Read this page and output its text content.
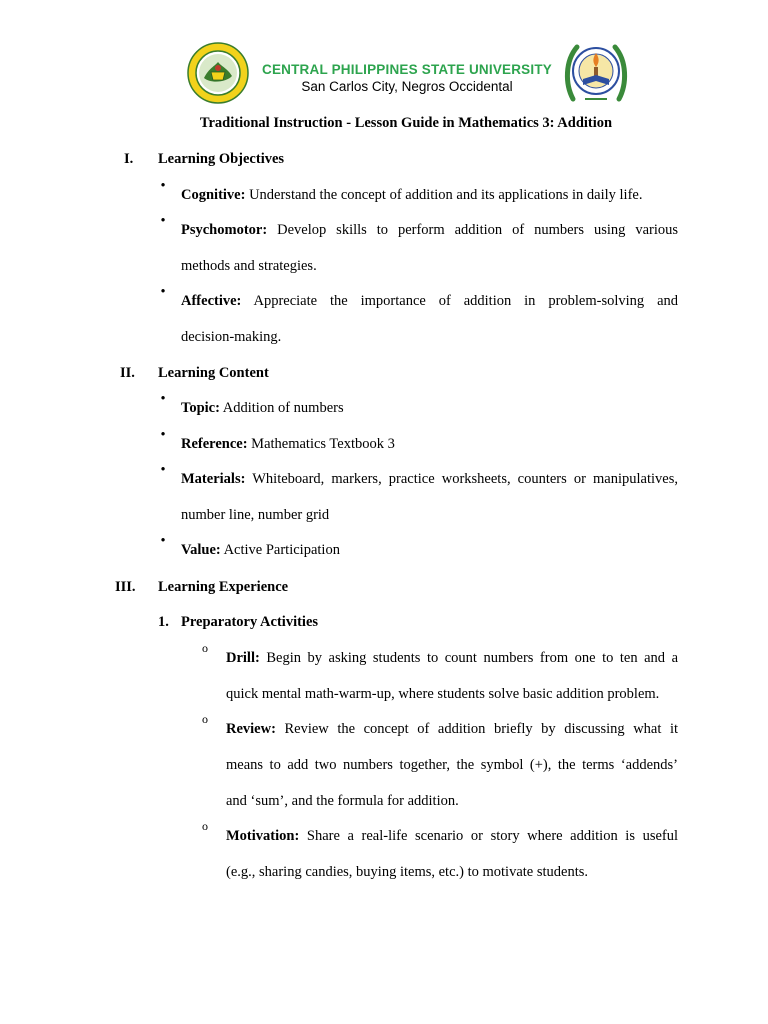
CENTRAL PHILIPPINES STATE UNIVERSITY
San Carlos City, Negros Occidental
Traditional Instruction - Lesson Guide in Mathematics 3: Addition
I. Learning Objectives
•
Cognitive: Understand the concept of addition and its applications in daily life.
•
Psychomotor: Develop skills to perform addition of numbers using various
methods and strategies.
•
Affective: Appreciate the importance of addition in problem-solving and
decision-making.
II. Learning Content
•
Topic: Addition of numbers
•
Reference: Mathematics Textbook 3
•
Materials: Whiteboard, markers, practice worksheets, counters or manipulatives,
number line, number grid
•
Value: Active Participation
III. Learning Experience
1. Preparatory Activities
o
Drill: Begin by asking students to count numbers from one to ten and a
quick mental math-warm-up, where students solve basic addition problem.
o
Review: Review the concept of addition briefly by discussing what it
means to add two numbers together, the symbol (+), the terms ‘addends’
and ‘sum’, and the formula for addition.
o
Motivation: Share a real-life scenario or story where addition is useful
(e.g., sharing candies, buying items, etc.) to motivate students.
